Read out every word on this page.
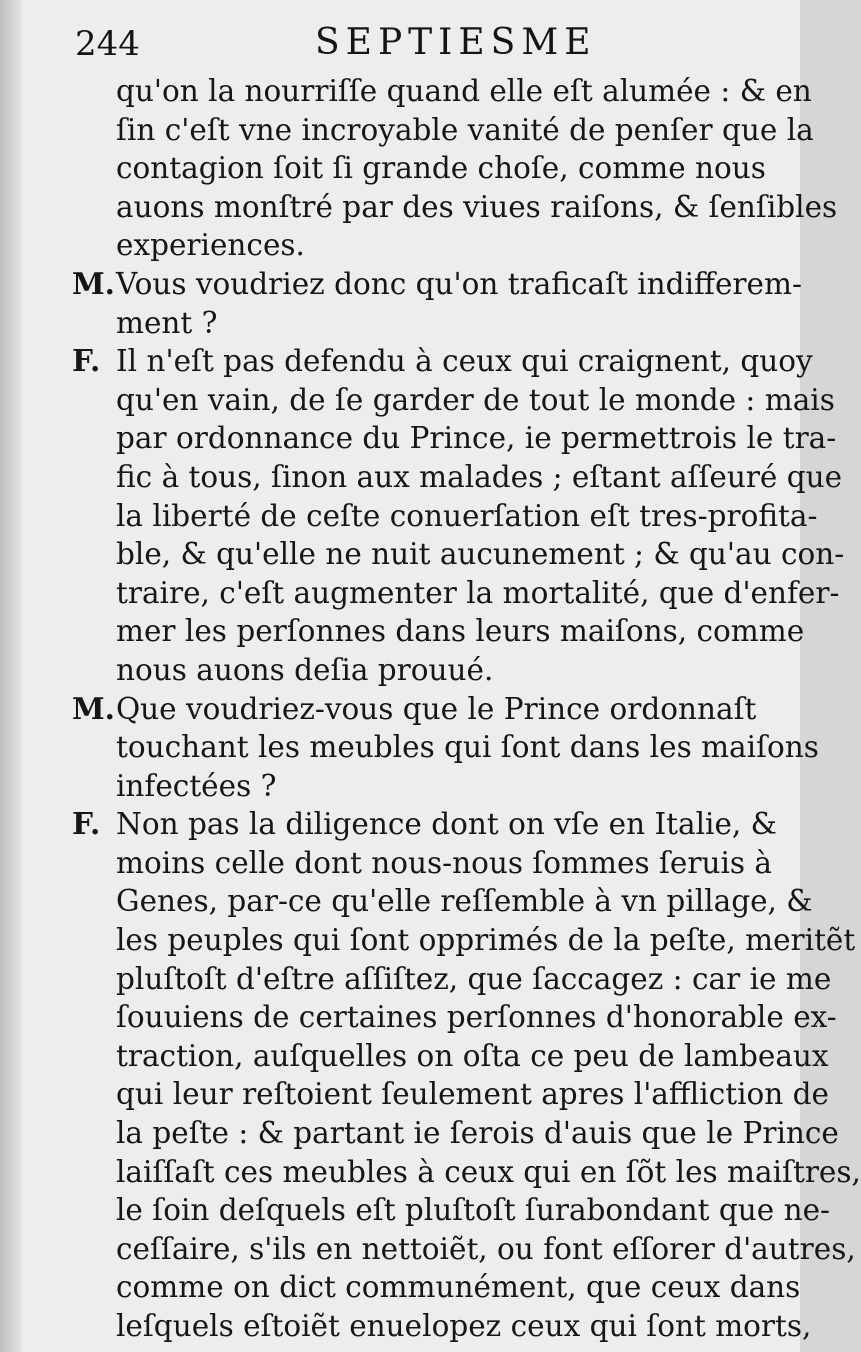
244	SEPTIESME
qu'on la nourriſſe quand elle eſt alumée : & en
ſin c'eſt vne incroyable vanité de penſer que la
contagion ſoit ſi grande choſe, comme nous
auons monſtré par des viues raiſons, & ſenſibles
experiences.
M.Vous voudriez donc qu'on traficaſt indifferem-
ment ?
F. Il n'eſt pas defendu à ceux qui craignent, quoy
qu'en vain, de ſe garder de tout le monde : mais
par ordonnance du Prince, ie permettrois le tra-
fic à tous, ſinon aux malades ; eſtant aſſeuré que
la liberté de ceſte conuerſation eſt tres-profita-
ble, & qu'elle ne nuit aucunement ; & qu'au con-
traire, c'eſt augmenter la mortalité, que d'enfer-
mer les perſonnes dans leurs maiſons, comme
nous auons deſia prouué.
M.Que voudriez-vous que le Prince ordonnaſt
touchant les meubles qui ſont dans les maiſons
infectées ?
F. Non pas la diligence dont on vſe en Italie, &
moins celle dont nous-nous ſommes ſeruis à
Genes, par-ce qu'elle reſſemble à vn pillage, &
les peuples qui ſont opprimés de la peſte, meritẽt
pluſtoſt d'eſtre aſſiſtez, que ſaccagez : car ie me
ſouuiens de certaines perſonnes d'honorable ex-
traction, auſquelles on oſta ce peu de lambeaux
qui leur reſtoient ſeulement apres l'affliction de
la peſte : & partant ie ſerois d'auis que le Prince
laiſſaſt ces meubles à ceux qui en ſõt les maiſtres,
le ſoin deſquels eſt pluſtoſt ſurabondant que ne-
ceſſaire, s'ils en nettoiẽt, ou font eſſorer d'autres,
comme on dict communément, que ceux dans
leſquels eſtoiẽt enuelopez ceux qui ſont morts,
